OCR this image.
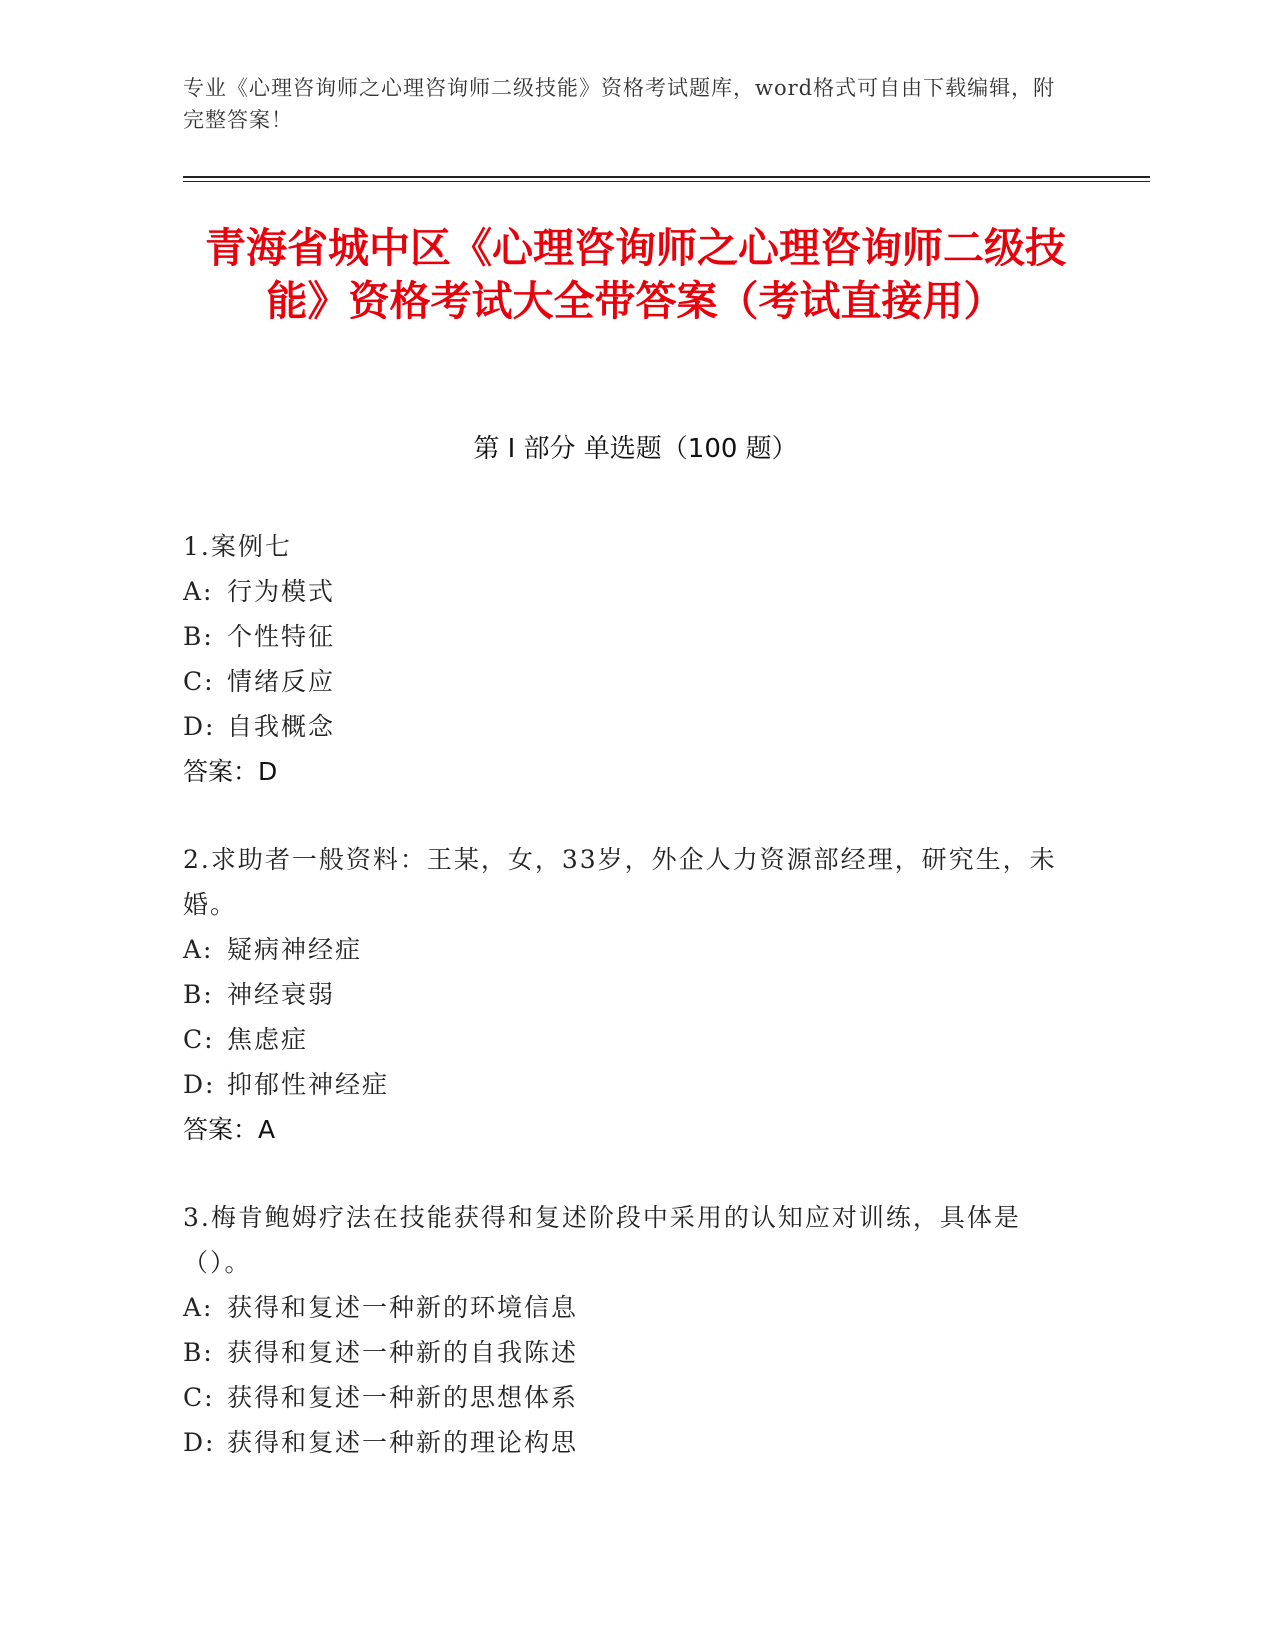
专业《心理咨询师之心理咨询师二级技能》资格考试题库，word格式可自由下载编辑，附完整答案！
青海省城中区《心理咨询师之心理咨询师二级技能》资格考试大全带答案（考试直接用）
第 I 部分 单选题（100 题）
1.案例七
A: 行为模式
B: 个性特征
C: 情绪反应
D: 自我概念
答案：D
2.求助者一般资料：王某，女，33岁，外企人力资源部经理，研究生，未婚。
A: 疑病神经症
B: 神经衰弱
C: 焦虑症
D: 抑郁性神经症
答案：A
3.梅肯鲍姆疗法在技能获得和复述阶段中采用的认知应对训练，具体是（）。
A: 获得和复述一种新的环境信息
B: 获得和复述一种新的自我陈述
C: 获得和复述一种新的思想体系
D: 获得和复述一种新的理论构思
